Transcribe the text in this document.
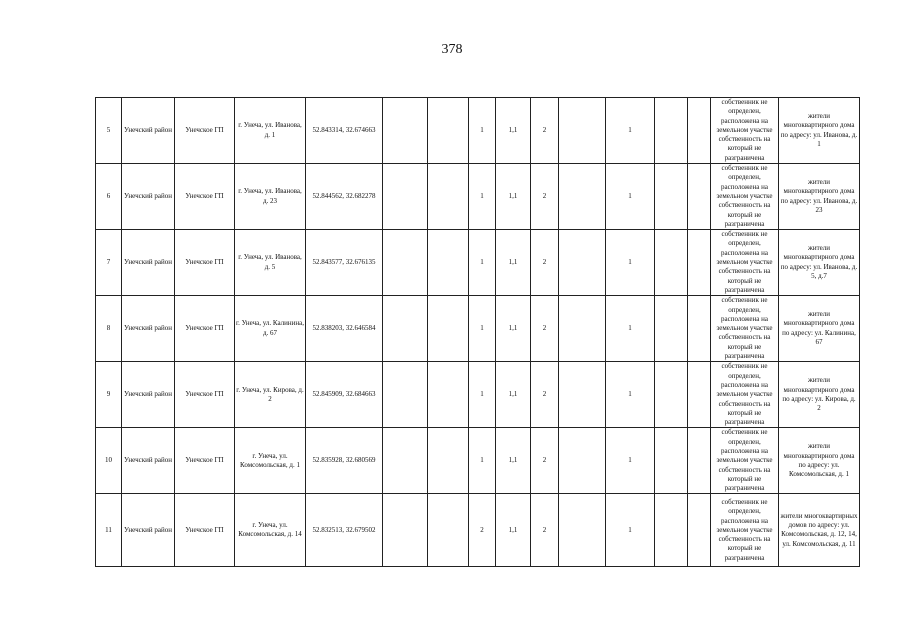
378
5	Унечский район	Унечское ГП	г. Унеча, ул. Иванова, д. 1	52.843314, 32.674663			1	1,1	2		1			собственник не определен, расположена на земельном участке собственность на который не разграничена	жители многоквартирного дома по адресу: ул. Иванова, д. 1
6	Унечский район	Унечское ГП	г. Унеча, ул. Иванова, д. 23	52.844562, 32.682278			1	1,1	2		1			собственник не определен, расположена на земельном участке собственность на который не разграничена	жители многоквартирного дома по адресу: ул. Иванова, д. 23
7	Унечский район	Унечское ГП	г. Унеча, ул. Иванова, д. 5	52.843577, 32.676135			1	1,1	2		1			собственник не определен, расположена на земельном участке собственность на который не разграничена	жители многоквартирного дома по адресу: ул. Иванова, д. 5, д.7
8	Унечский район	Унечское ГП	г. Унеча, ул. Калинина, д. 67	52.838203, 32.646584			1	1,1	2		1			собственник не определен, расположена на земельном участке собственность на который не разграничена	жители многоквартирного дома по адресу: ул. Калинина, 67
9	Унечский район	Унечское ГП	г. Унеча, ул. Кирова, д. 2	52.845909, 32.684663			1	1,1	2		1			собственник не определен, расположена на земельном участке собственность на который не разграничена	жители многоквартирного дома по адресу: ул. Кирова, д. 2
10	Унечский район	Унечское ГП	г. Унеча, ул. Комсомольская, д. 1	52.835928, 32.680569			1	1,1	2		1			собственник не определен, расположена на земельном участке собственность на который не разграничена	жители многоквартирного дома по адресу: ул. Комсомольская, д. 1
11	Унечский район	Унечское ГП	г. Унеча, ул. Комсомольская, д. 14	52.832513, 32.679502			2	1,1	2		1			собственник не определен, расположена на земельном участке собственность на который не разграничена	жители многоквартирных домов по адресу: ул. Комсомольская, д. 12, 14, ул. Комсомольская, д. 11
